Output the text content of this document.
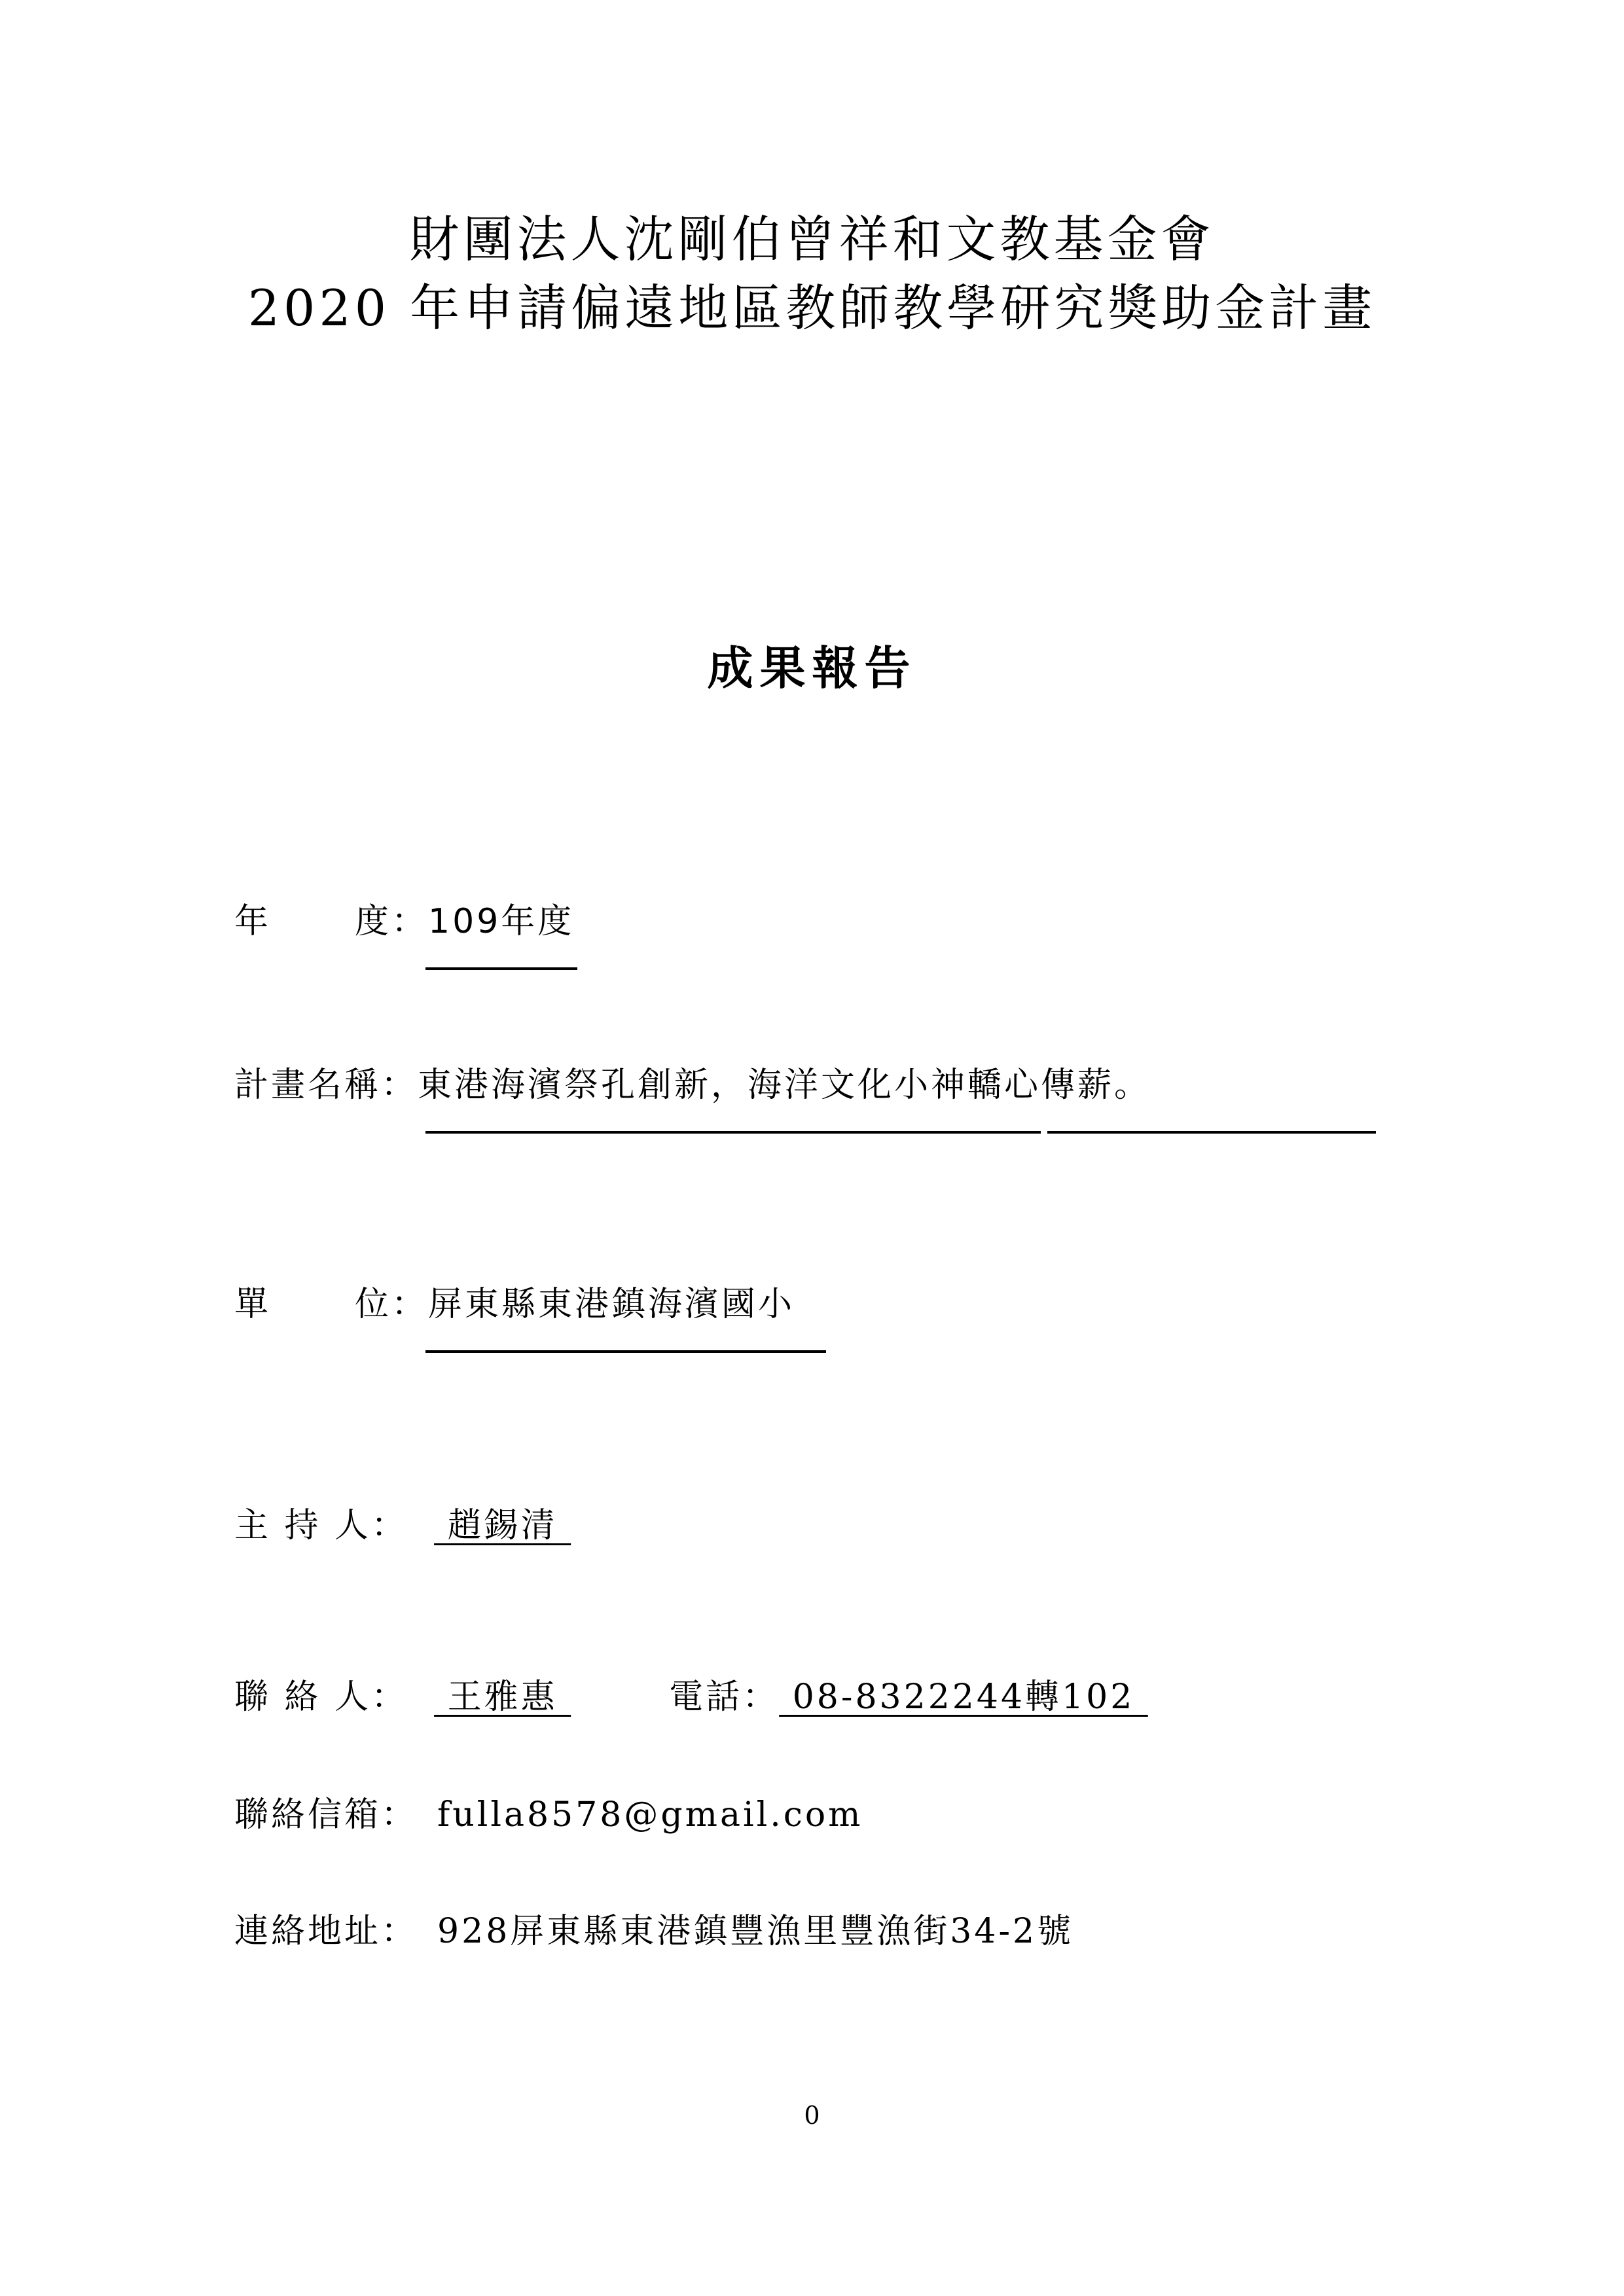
財團法人沈剛伯曾祥和文教基金會
2020 年申請偏遠地區教師教學研究獎助金計畫
成果報告
年 度：109年度
計畫名稱：東港海濱祭孔創新，海洋文化小神轎心傳薪。
單 位：屏東縣東港鎮海濱國小
主 持 人： 趙錫清
聯 絡 人： 王雅惠	電話： 08-8322244轉102
聯絡信箱： fulla8578@gmail.com
連絡地址： 928屏東縣東港鎮豐漁里豐漁街34-2號
0
